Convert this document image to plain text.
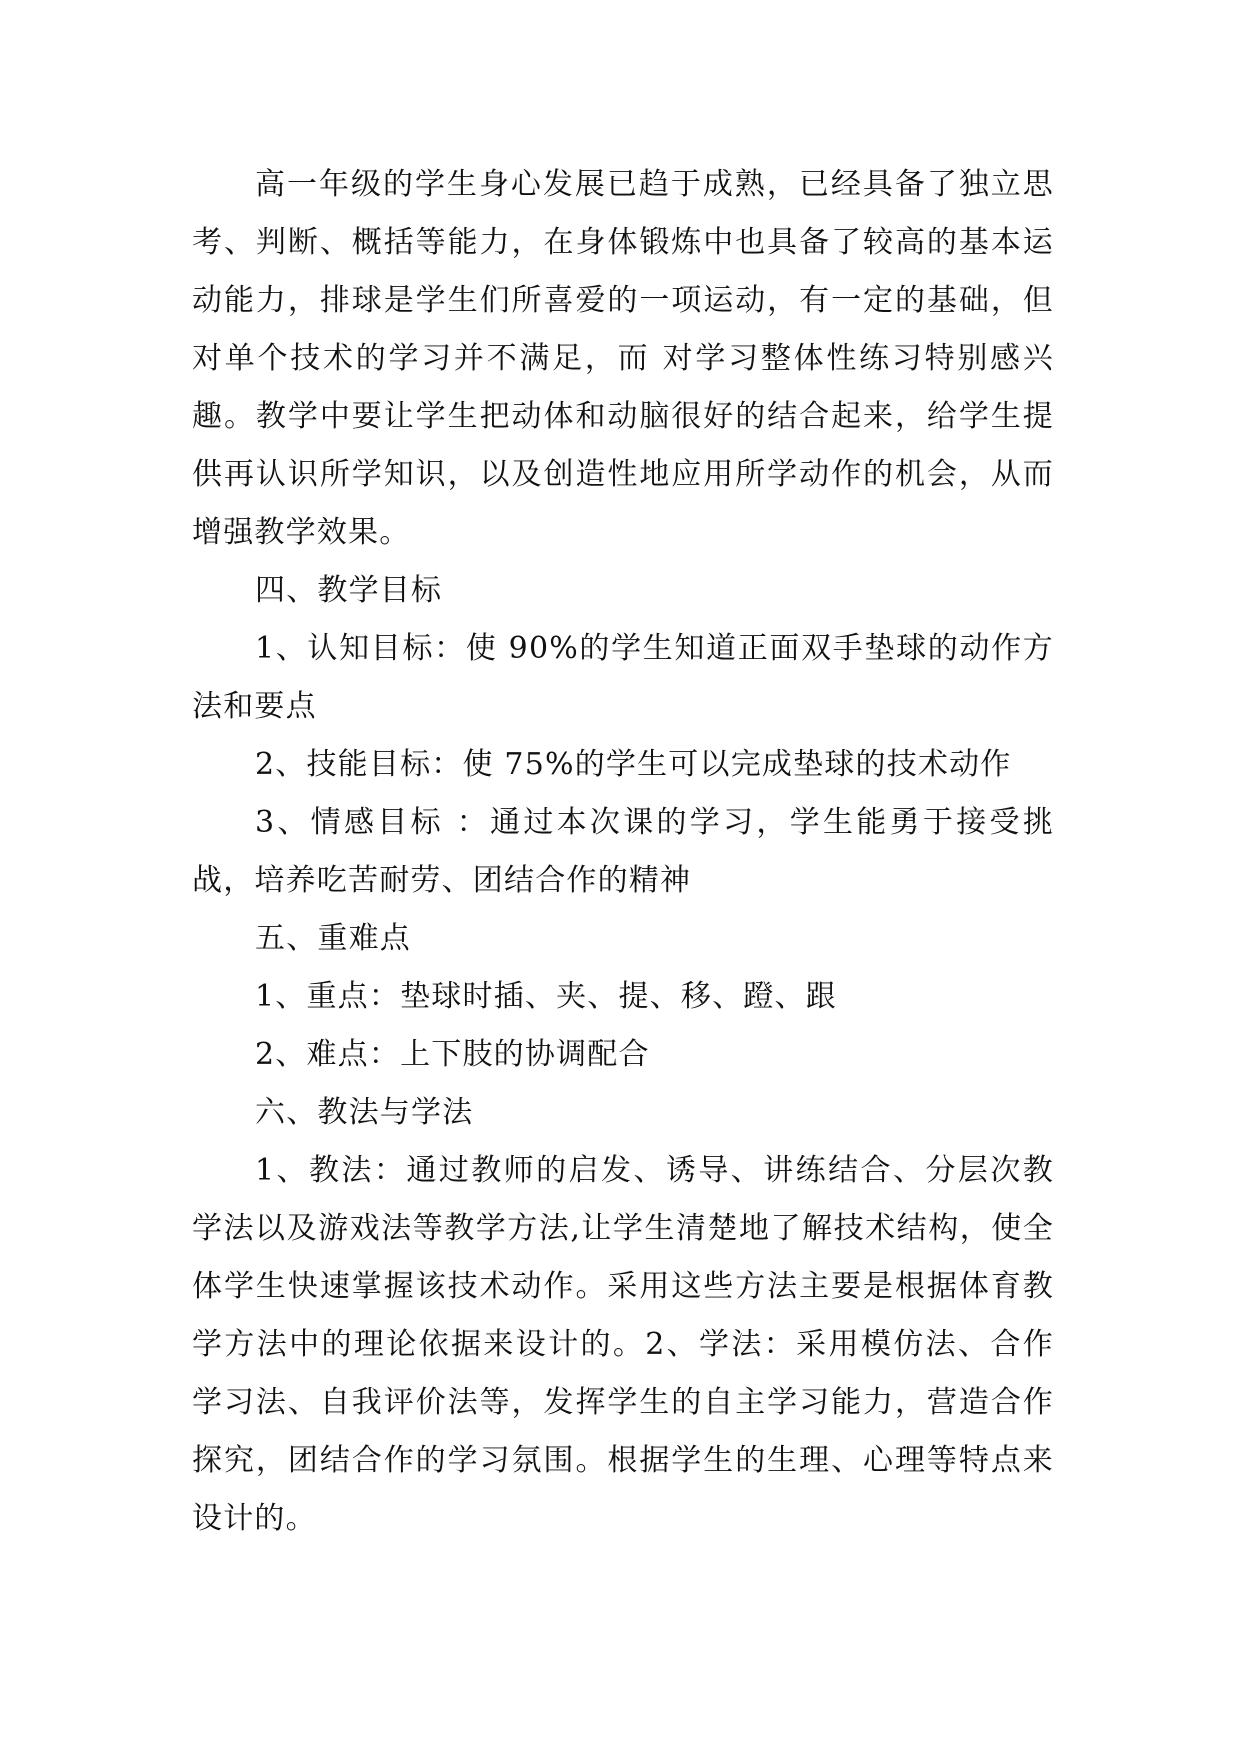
高一年级的学生身心发展已趋于成熟，已经具备了独立思考、判断、概括等能力，在身体锻炼中也具备了较高的基本运动能力，排球是学生们所喜爱的一项运动，有一定的基础，但对单个技术的学习并不满足，而 对学习整体性练习特别感兴趣。教学中要让学生把动体和动脑很好的结合起来，给学生提供再认识所学知识，以及创造性地应用所学动作的机会，从而增强教学效果。

四、教学目标

1、认知目标：使 90%的学生知道正面双手垫球的动作方法和要点

2、技能目标：使 75%的学生可以完成垫球的技术动作

3、情感目标 ：通过本次课的学习，学生能勇于接受挑战，培养吃苦耐劳、团结合作的精神

五、重难点

1、重点：垫球时插、夹、提、移、蹬、跟

2、难点：上下肢的协调配合

六、教法与学法

1、教法：通过教师的启发、诱导、讲练结合、分层次教学法以及游戏法等教学方法,让学生清楚地了解技术结构，使全体学生快速掌握该技术动作。采用这些方法主要是根据体育教学方法中的理论依据来设计的。2、学法：采用模仿法、合作学习法、自我评价法等，发挥学生的自主学习能力，营造合作探究，团结合作的学习氛围。根据学生的生理、心理等特点来设计的。
